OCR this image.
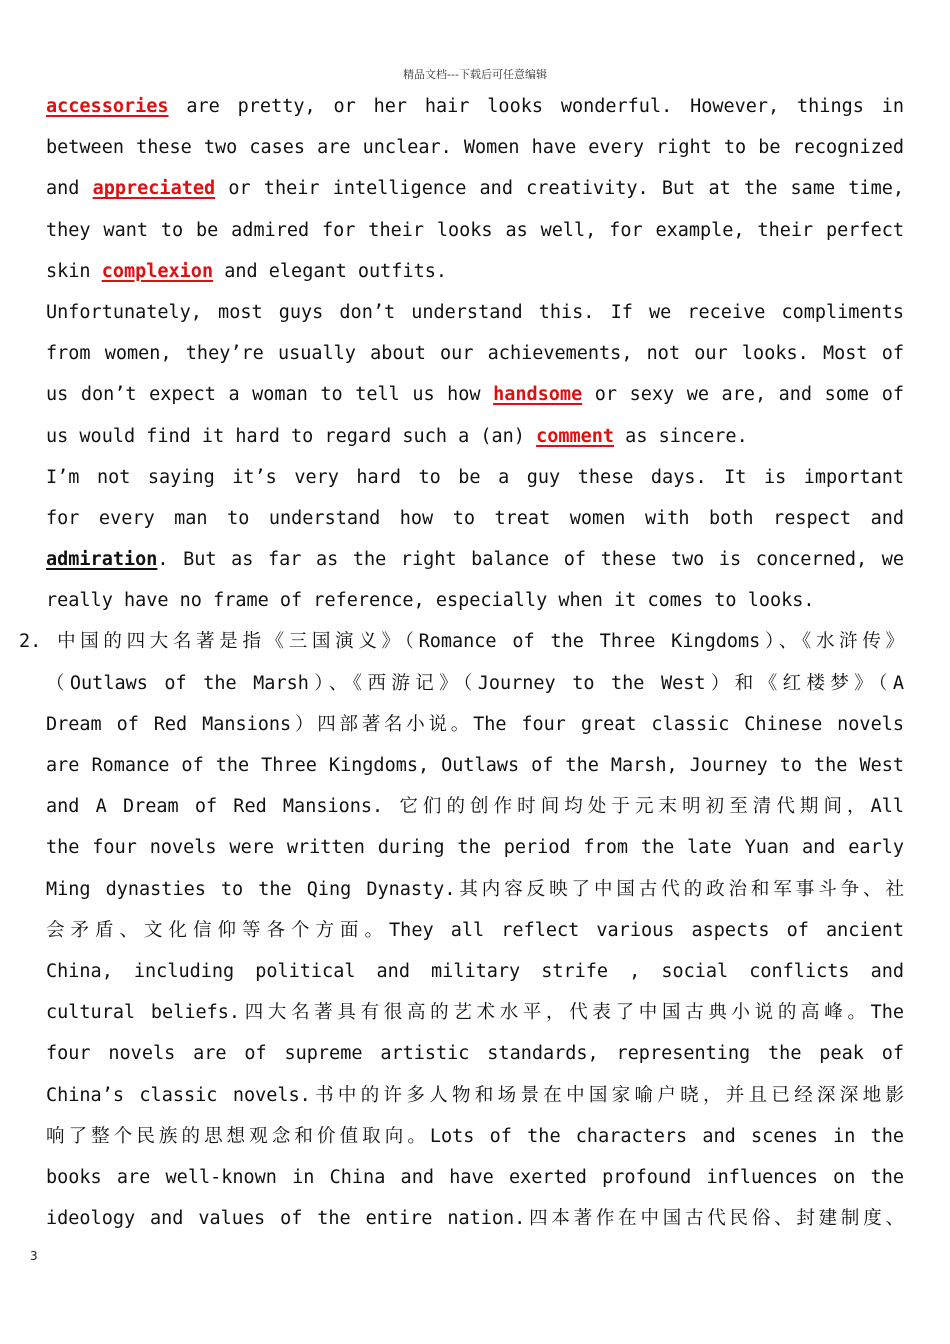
精品文档---下载后可任意编辑
accessories are pretty, or her hair looks wonderful. However, things in
between these two cases are unclear. Women have every right to be recognized
and appreciated or their intelligence and creativity. But at the same time,
they want to be admired for their looks as well, for example, their perfect
skin complexion and elegant outfits.
Unfortunately, most guys don’t understand this. If we receive compliments
from women, they’re usually about our achievements, not our looks. Most of
us don’t expect a woman to tell us how handsome or sexy we are, and some of
us would find it hard to regard such a (an) comment as sincere.
I’m not saying it’s very hard to be a guy these days. It is important
for every man to understand how to treat women with both respect and
admiration. But as far as the right balance of these two is concerned, we
really have no frame of reference, especially when it comes to looks.
2. 中国的四大名著是指《三国演义》（Romance of the Three Kingdoms）、《水浒传》
（Outlaws of the Marsh）、《西游记》（Journey to the West）和《红楼梦》（A
Dream of Red Mansions）四部著名小说。The four great classic Chinese novels
are Romance of the Three Kingdoms, Outlaws of the Marsh, Journey to the West
and A Dream of Red Mansions. 它们的创作时间均处于元末明初至清代期间，All
the four novels were written during the period from the late Yuan and early
Ming dynasties to the Qing Dynasty.其内容反映了中国古代的政治和军事斗争、社
会矛盾、文化信仰等各个方面。They all reflect various aspects of ancient
China, including political and military strife , social conflicts and
cultural beliefs.四大名著具有很高的艺术水平，代表了中国古典小说的高峰。The
four novels are of supreme artistic standards, representing the peak of
China’s classic novels.书中的许多人物和场景在中国家喻户晓，并且已经深深地影
响了整个民族的思想观念和价值取向。Lots of the characters and scenes in the
books are well-known in China and have exerted profound influences on the
ideology and values of the entire nation.四本著作在中国古代民俗、封建制度、
3
